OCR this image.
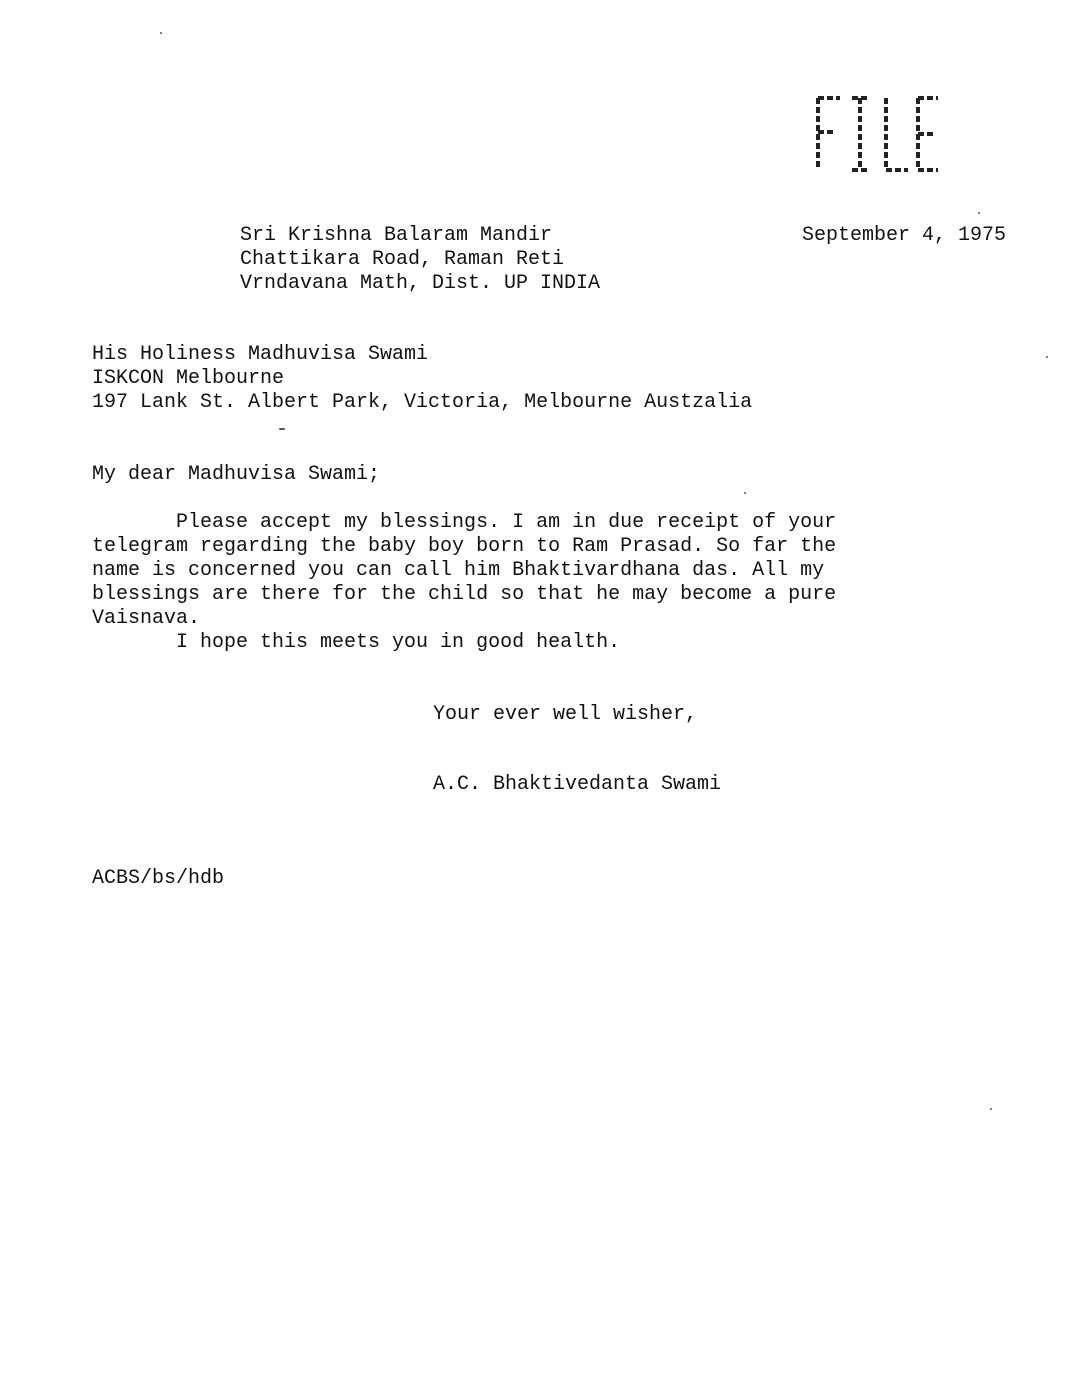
September 4, 1975

Sri Krishna Balaram Mandir

Chattikara Road, Raman Reti

Vrndavana Math, Dist. UP INDIA

His Holiness Madhuvisa Swami

ISKCON Melbourne

197 Lank St. Albert Park, Victoria, Melbourne Austzalia

My dear Madhuvisa Swami;

Please accept my blessings. I am in due receipt of your

telegram regarding the baby boy born to Ram Prasad. So far the

name is concerned you can call him Bhaktivardhana das. All my

blessings are there for the child so that he may become a pure

Vaisnava.

I hope this meets you in good health.

Your ever well wisher,
A.C. Bhaktivedanta Swami
ACBS/bs/hdb
